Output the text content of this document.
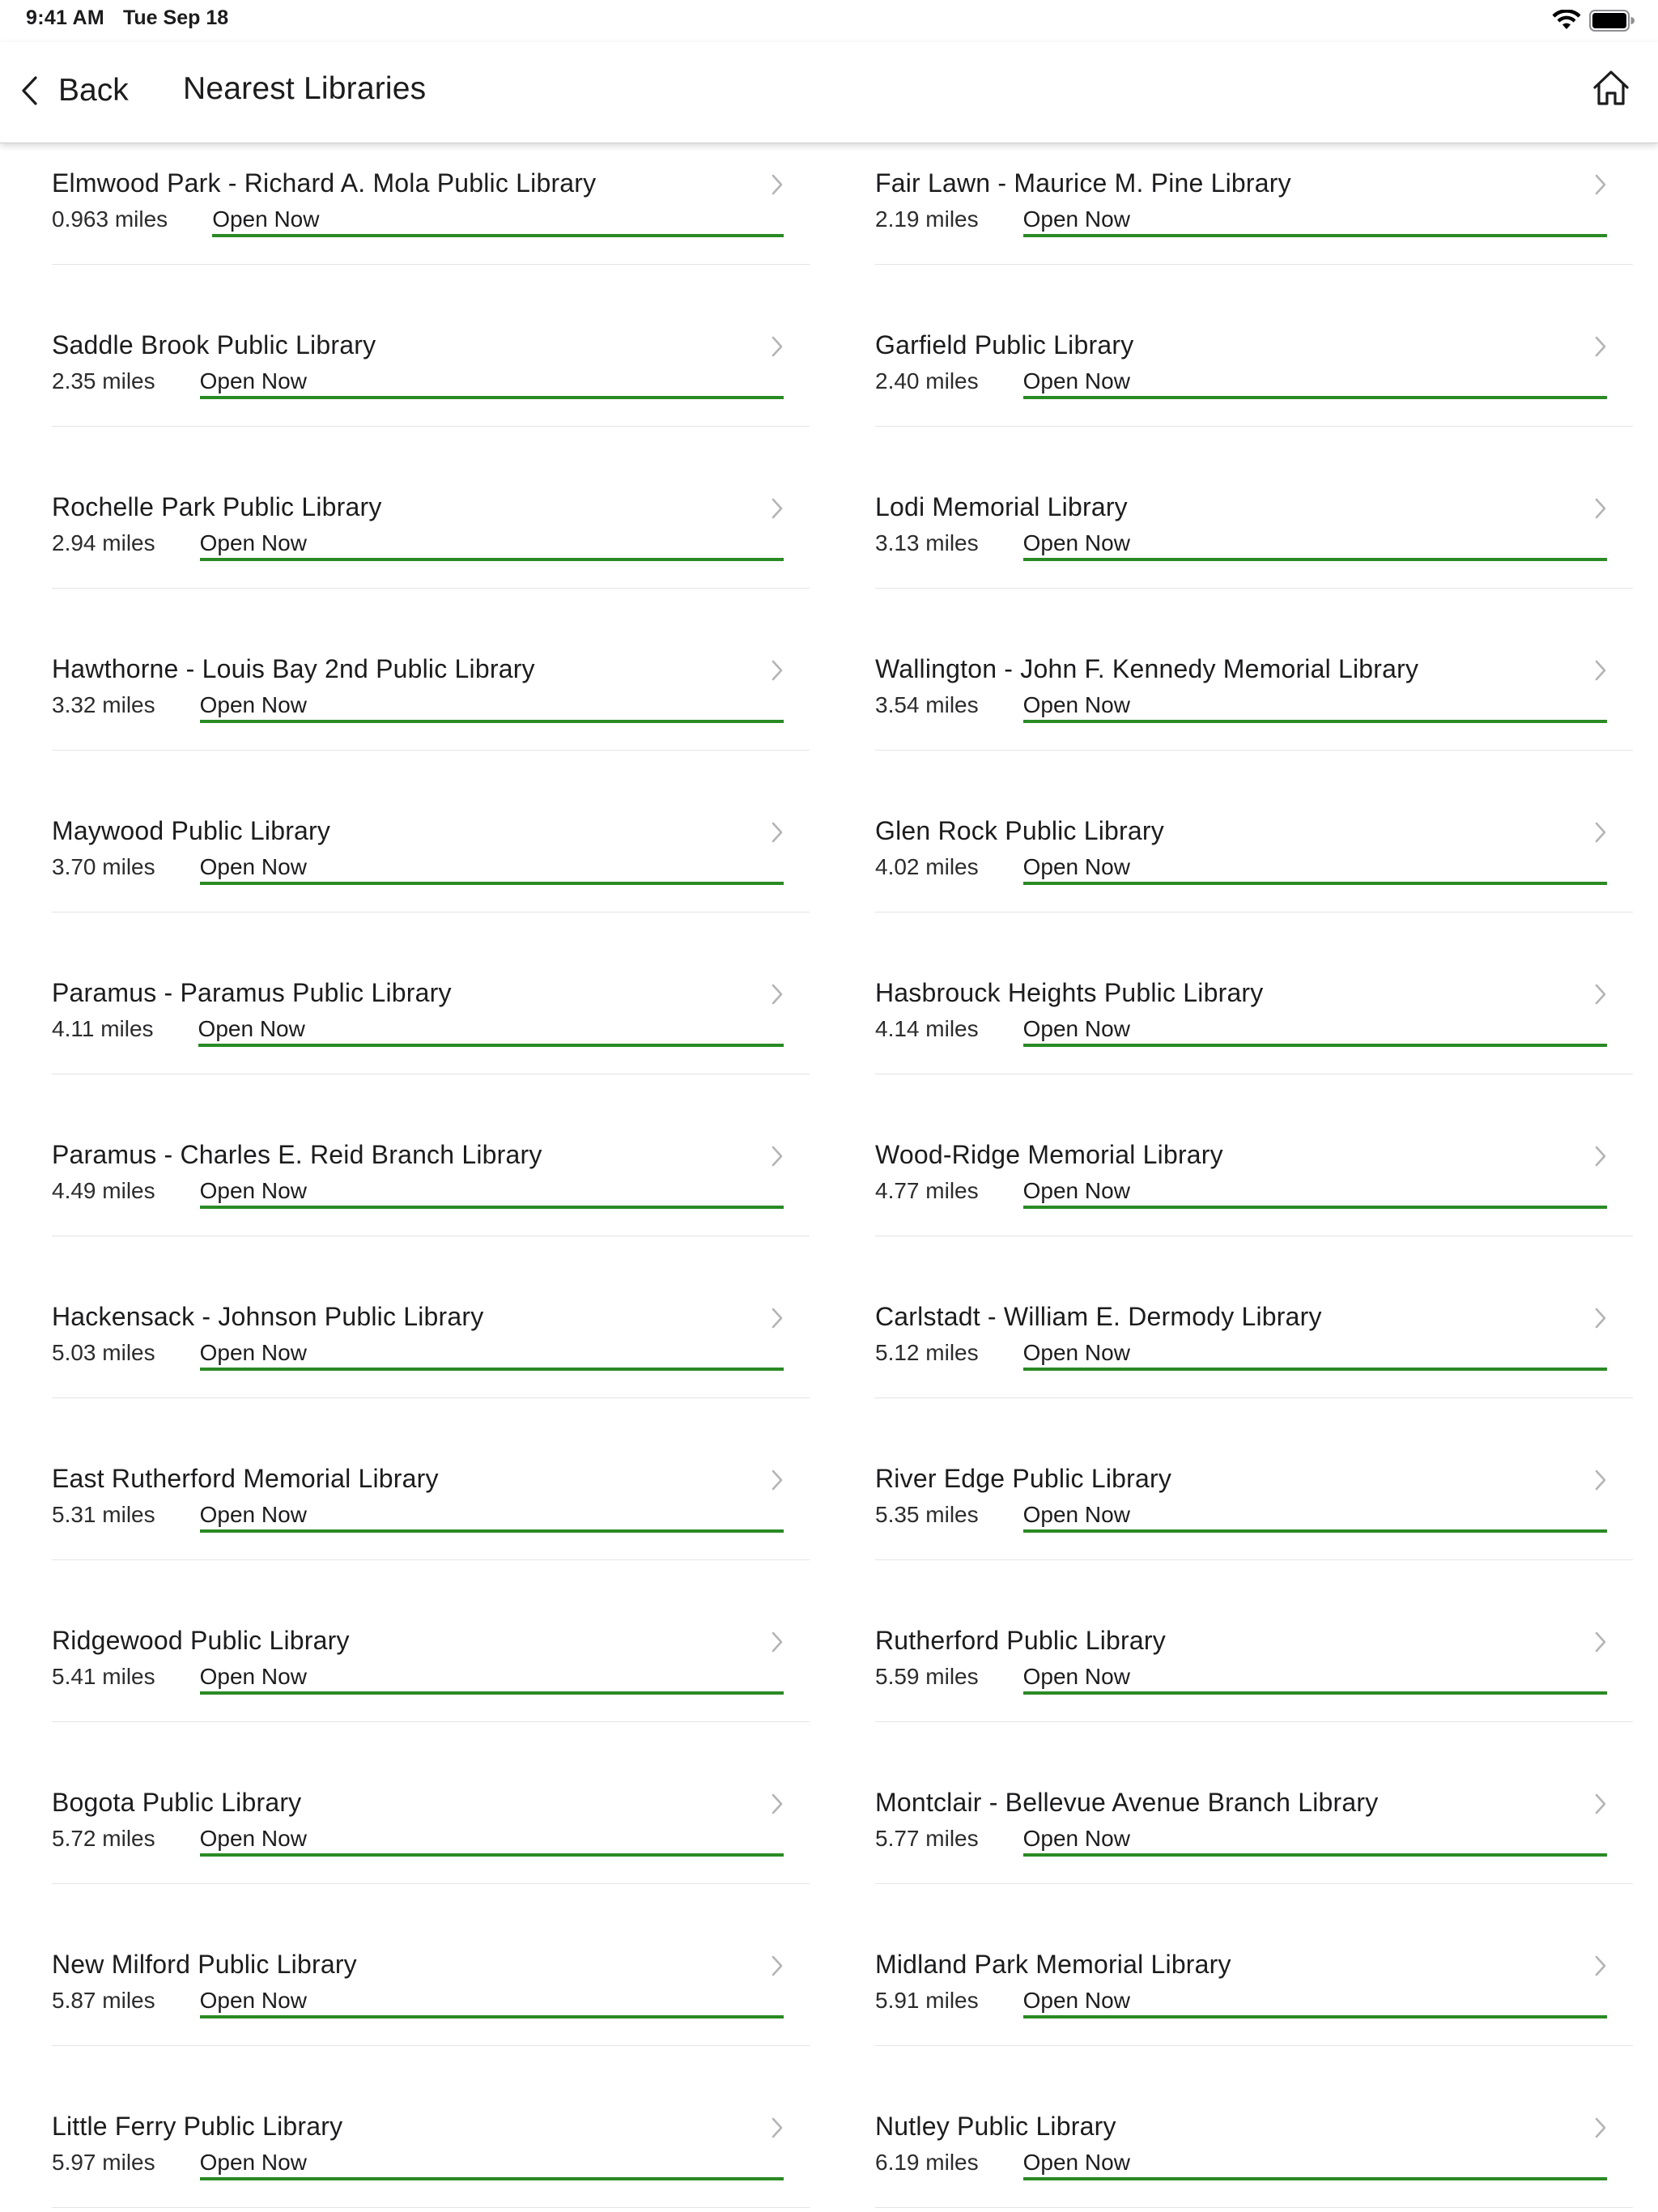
9:41 AM Tue Sep 18
Back Nearest Libraries
Elmwood Park - Richard A. Mola Public Library
0.963 miles Open Now
Fair Lawn - Maurice M. Pine Library
2.19 miles Open Now
Saddle Brook Public Library
2.35 miles Open Now
Garfield Public Library
2.40 miles Open Now
Rochelle Park Public Library
2.94 miles Open Now
Lodi Memorial Library
3.13 miles Open Now
Hawthorne - Louis Bay 2nd Public Library
3.32 miles Open Now
Wallington - John F. Kennedy Memorial Library
3.54 miles Open Now
Maywood Public Library
3.70 miles Open Now
Glen Rock Public Library
4.02 miles Open Now
Paramus - Paramus Public Library
4.11 miles Open Now
Hasbrouck Heights Public Library
4.14 miles Open Now
Paramus - Charles E. Reid Branch Library
4.49 miles Open Now
Wood-Ridge Memorial Library
4.77 miles Open Now
Hackensack - Johnson Public Library
5.03 miles Open Now
Carlstadt - William E. Dermody Library
5.12 miles Open Now
East Rutherford Memorial Library
5.31 miles Open Now
River Edge Public Library
5.35 miles Open Now
Ridgewood Public Library
5.41 miles Open Now
Rutherford Public Library
5.59 miles Open Now
Bogota Public Library
5.72 miles Open Now
Montclair - Bellevue Avenue Branch Library
5.77 miles Open Now
New Milford Public Library
5.87 miles Open Now
Midland Park Memorial Library
5.91 miles Open Now
Little Ferry Public Library
5.97 miles Open Now
Nutley Public Library
6.19 miles Open Now
